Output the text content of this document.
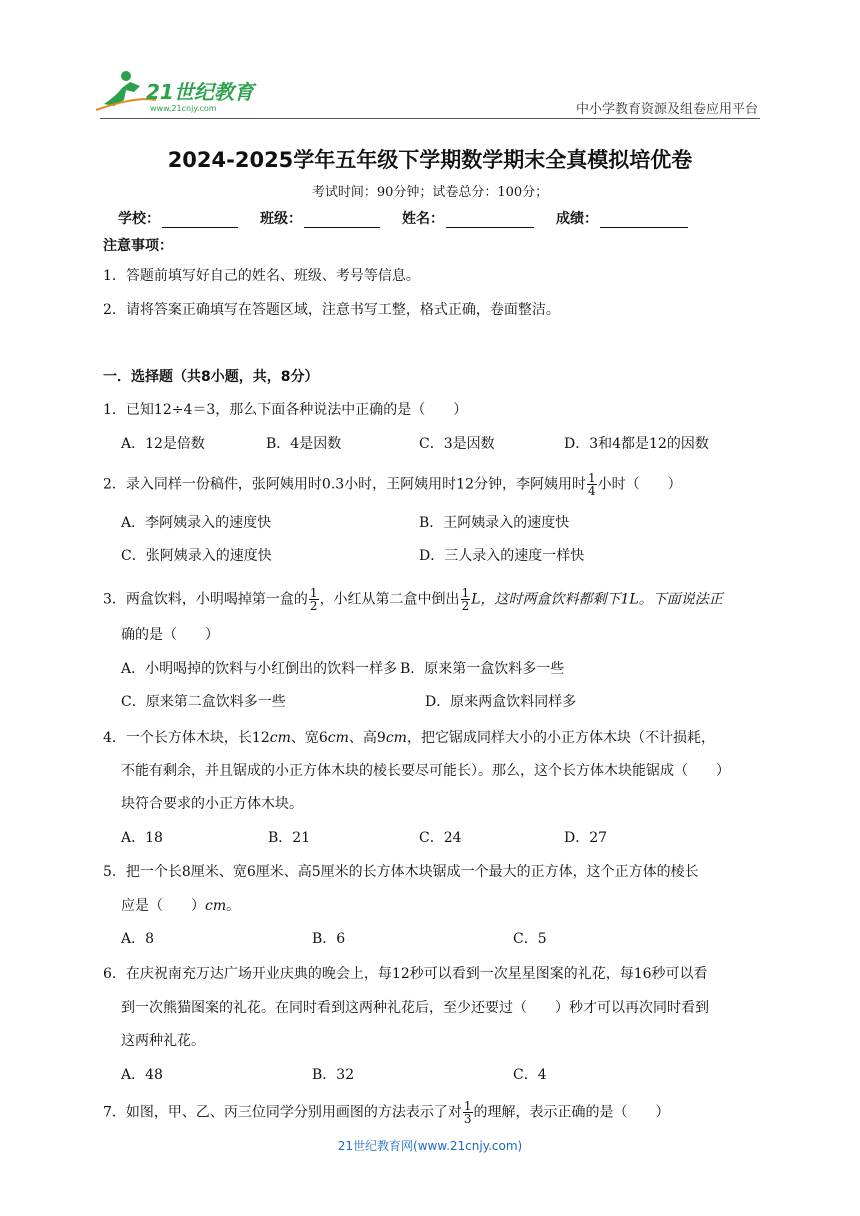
21世纪教育
www.21cnjy.com	中小学教育资源及组卷应用平台
2024-2025学年五年级下学期数学期末全真模拟培优卷
考试时间：90分钟；试卷总分：100分；
学校：	班级：	姓名：	成绩：
注意事项：
1．答题前填写好自己的姓名、班级、考号等信息。
2．请将答案正确填写在答题区域，注意书写工整，格式正确，卷面整洁。
一．选择题（共8小题，共，8分）
1．已知12÷4＝3，那么下面各种说法中正确的是（　　）
A．12是倍数	B．4是因数	C．3是因数	D．3和4都是12的因数
2．录入同样一份稿件，张阿姨用时0.3小时，王阿姨用时12分钟，李阿姨用时 $\frac{1}{4}$ 小时（　　）
A．李阿姨录入的速度快	B．王阿姨录入的速度快
C．张阿姨录入的速度快	D．三人录入的速度一样快
3．两盒饮料，小明喝掉第一盒的 $\frac{1}{2}$ ，小红从第二盒中倒出 $\frac{1}{2}$ L，这时两盒饮料都剩下1L。下面说法正
确的是（　　）
A．小明喝掉的饮料与小红倒出的饮料一样多 B．原来第一盒饮料多一些
C．原来第二盒饮料多一些	D．原来两盒饮料同样多
4．一个长方体木块，长12cm、宽6cm、高9cm，把它锯成同样大小的小正方体木块（不计损耗，
不能有剩余，并且锯成的小正方体木块的棱长要尽可能长）。那么，这个长方体木块能锯成（　　）
块符合要求的小正方体木块。
A．18	B．21	C．24	D．27
5．把一个长8厘米、宽6厘米、高5厘米的长方体木块锯成一个最大的正方体，这个正方体的棱长
应是（　　）cm。
A．8	B．6	C．5
6．在庆祝南充万达广场开业庆典的晚会上，每12秒可以看到一次星星图案的礼花，每16秒可以看
到一次熊猫图案的礼花。在同时看到这两种礼花后，至少还要过（　　）秒才可以再次同时看到
这两种礼花。
A．48	B．32	C．4
7．如图，甲、乙、丙三位同学分别用画图的方法表示了对 $\frac{1}{3}$ 的理解，表示正确的是（　　）
21世纪教育网(www.21cnjy.com)
